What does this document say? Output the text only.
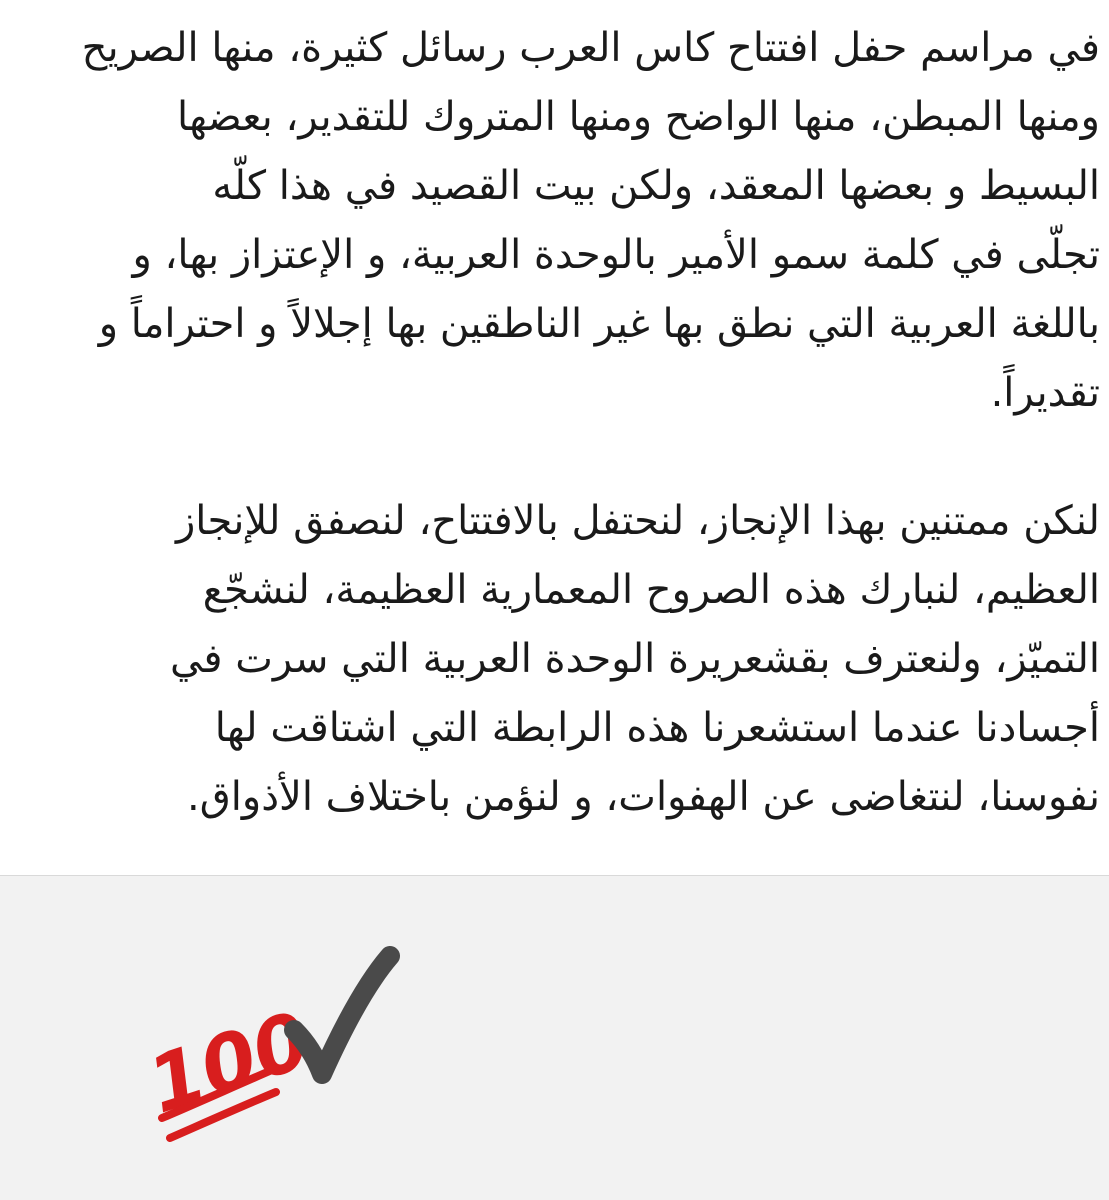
في مراسم حفل افتتاح كاس العرب رسائل كثيرة، منها الصريح
ومنها المبطن، منها الواضح ومنها المتروك للتقدير، بعضها
البسيط و بعضها المعقد، ولكن بيت القصيد في هذا كلّه
تجلّى في كلمة سمو الأمير بالوحدة العربية، و الإعتزاز بها، و
باللغة العربية التي نطق بها غير الناطقين بها إجلالاً و احتراماً و
تقديراً.

لنكن ممتنين بهذا الإنجاز، لنحتفل بالافتتاح، لنصفق للإنجاز
العظيم، لنبارك هذه الصروح المعمارية العظيمة، لنشجّع
التميّز، ولنعترف بقشعريرة الوحدة العربية التي سرت في
أجسادنا عندما استشعرنا هذه الرابطة التي اشتاقت لها
نفوسنا، لنتغاضى عن الهفوات، و لنؤمن باختلاف الأذواق.

100
